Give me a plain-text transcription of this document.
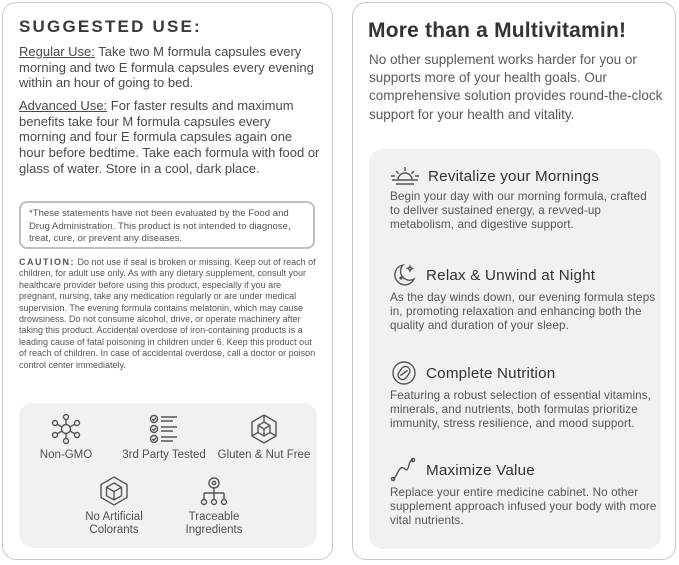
SUGGESTED USE:

Regular Use: Take two M formula capsules every morning and two E formula capsules every evening within an hour of going to bed.

Advanced Use: For faster results and maximum benefits take four M formula capsules every morning and four E formula capsules again one hour before bedtime. Take each formula with food or glass of water. Store in a cool, dark place.

*These statements have not been evaluated by the Food and Drug Administration. This product is not intended to diagnose, treat, cure, or prevent any diseases.

CAUTION: Do not use if seal is broken or missing. Keep out of reach of children, for adult use only. As with any dietary supplement, consult your healthcare provider before using this product, especially if you are pregnant, nursing, take any medication regularly or are under medical supervision. The evening formula contains melatonin, which may cause drowsiness. Do not consume alcohol, drive, or operate machinery after taking this product. Accidental overdose of iron-containing products is a leading cause of fatal poisoning in children under 6. Keep this product out of reach of children. In case of accidental overdose, call a doctor or poison control center immediately.

Non-GMO	3rd Party Tested	Gluten & Nut Free
No Artificial Colorants
Traceable Ingredients
More than a Multivitamin!

No other supplement works harder for you or supports more of your health goals. Our comprehensive solution provides round-the-clock support for your health and vitality.

Revitalize your Mornings
Begin your day with our morning formula, crafted to deliver sustained energy, a revved-up metabolism, and digestive support.
Relax & Unwind at Night
As the day winds down, our evening formula steps in, promoting relaxation and enhancing both the quality and duration of your sleep.
Complete Nutrition
Featuring a robust selection of essential vitamins, minerals, and nutrients, both formulas prioritize immunity, stress resilience, and mood support.
Maximize Value
Replace your entire medicine cabinet. No other supplement approach infused your body with more vital nutrients.
